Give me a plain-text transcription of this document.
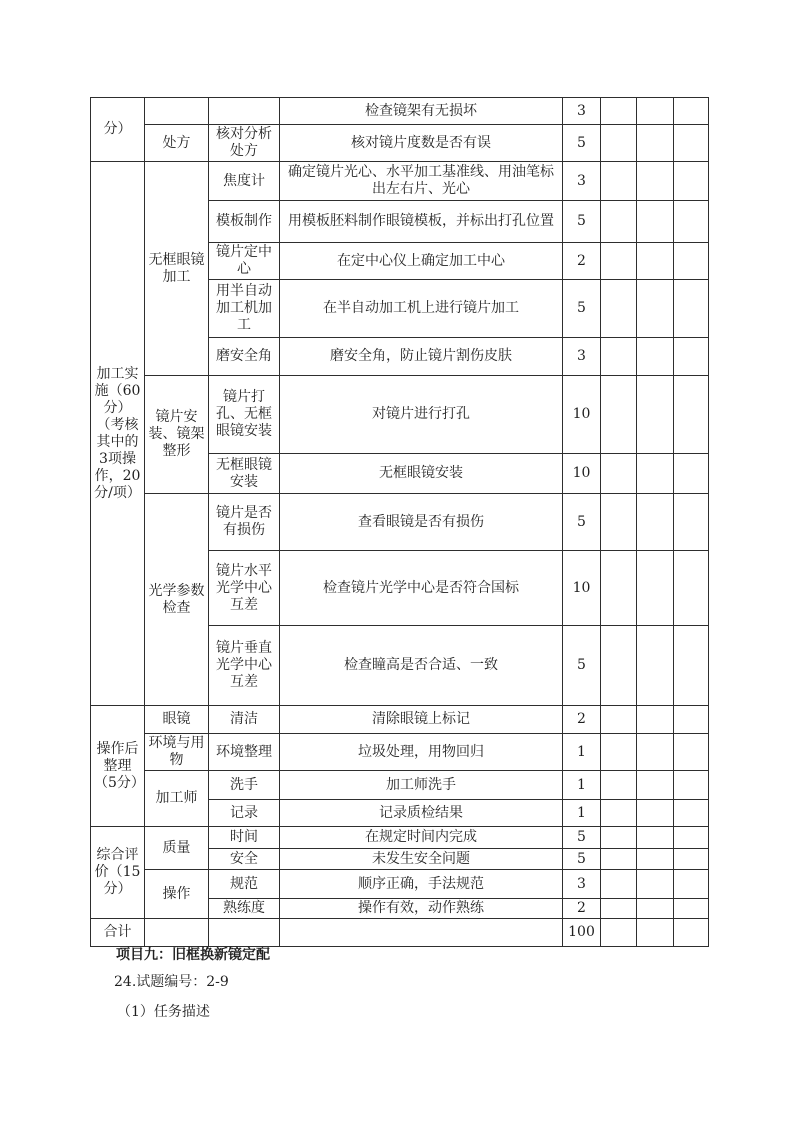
分）			检查镜架有无损坏	3			
	处方	核对分析处方	核对镜片度数是否有误	5			
加工实施（60分）（考核其中的3项操作，20分/项）	无框眼镜加工	焦度计	确定镜片光心、水平加工基准线、用油笔标出左右片、光心	3			
		模板制作	用模板胚料制作眼镜模板，并标出打孔位置	5			
		镜片定中心	在定中心仪上确定加工中心	2			
		用半自动加工机加工	在半自动加工机上进行镜片加工	5			
		磨安全角	磨安全角，防止镜片割伤皮肤	3			
	镜片安装、镜架整形	镜片打孔、无框眼镜安装	对镜片进行打孔	10			
		无框眼镜安装	无框眼镜安装	10			
	光学参数检查	镜片是否有损伤	查看眼镜是否有损伤	5			
		镜片水平光学中心互差	检查镜片光学中心是否符合国标	10			
		镜片垂直光学中心互差	检查瞳高是否合适、一致	5			
操作后整理（5分）	眼镜	清洁	清除眼镜上标记	2			
	环境与用物	环境整理	垃圾处理，用物回归	1			
	加工师	洗手	加工师洗手	1			
		记录	记录质检结果	1			
综合评价（15分）	质量	时间	在规定时间内完成	5			
		安全	未发生安全问题	5			
	操作	规范	顺序正确，手法规范	3			
		熟练度	操作有效，动作熟练	2			
合计				100			

项目九：旧框换新镜定配

24.试题编号：2-9

（1）任务描述
